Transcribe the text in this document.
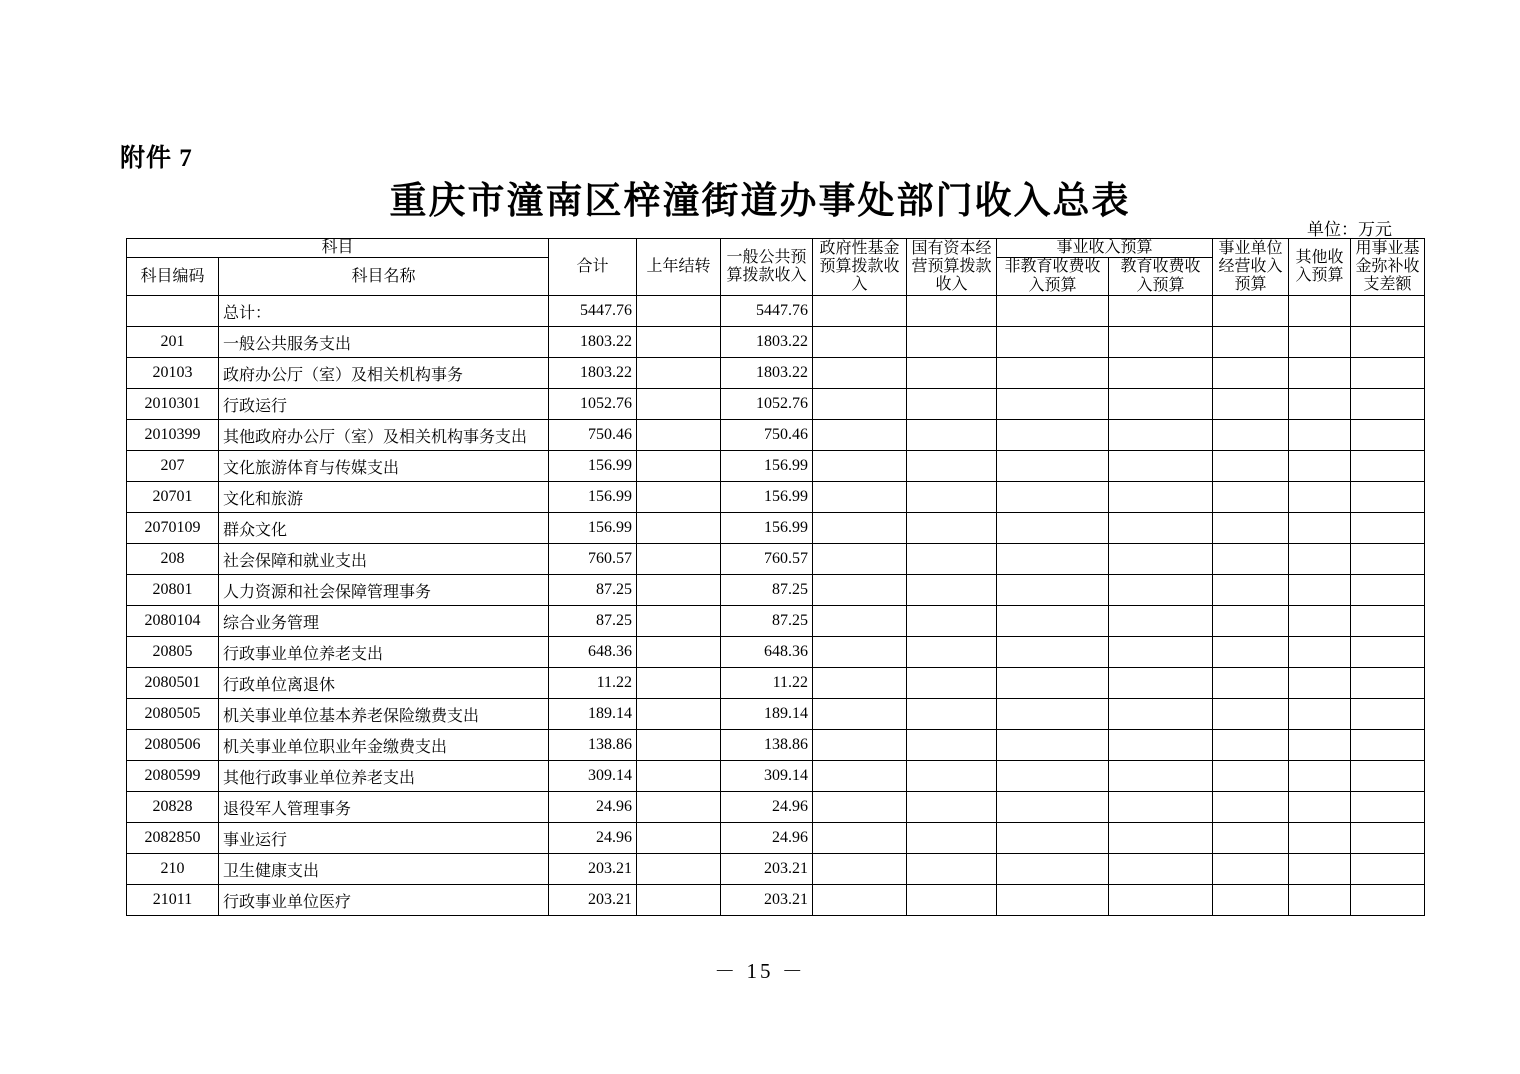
附件 7
重庆市潼南区梓潼街道办事处部门收入总表
单位：万元
科目		合计	上年结转	一般公共预算拨款收入	政府性基金预算拨款收入	国有资本经营预算拨款收入	事业收入预算		事业单位经营收入预算	其他收入预算	用事业基金弥补收支差额
科目编码	科目名称						非教育收费收入预算	教育收费收入预算			
	总计：	5447.76		5447.76							
201	一般公共服务支出	1803.22		1803.22							
20103	政府办公厅（室）及相关机构事务	1803.22		1803.22							
2010301	行政运行	1052.76		1052.76							
2010399	其他政府办公厅（室）及相关机构事务支出	750.46		750.46							
207	文化旅游体育与传媒支出	156.99		156.99							
20701	文化和旅游	156.99		156.99							
2070109	群众文化	156.99		156.99							
208	社会保障和就业支出	760.57		760.57							
20801	人力资源和社会保障管理事务	87.25		87.25							
2080104	综合业务管理	87.25		87.25							
20805	行政事业单位养老支出	648.36		648.36							
2080501	行政单位离退休	11.22		11.22							
2080505	机关事业单位基本养老保险缴费支出	189.14		189.14							
2080506	机关事业单位职业年金缴费支出	138.86		138.86							
2080599	其他行政事业单位养老支出	309.14		309.14							
20828	退役军人管理事务	24.96		24.96							
2082850	事业运行	24.96		24.96							
210	卫生健康支出	203.21		203.21							
21011	行政事业单位医疗	203.21		203.21							
－ 15 －
